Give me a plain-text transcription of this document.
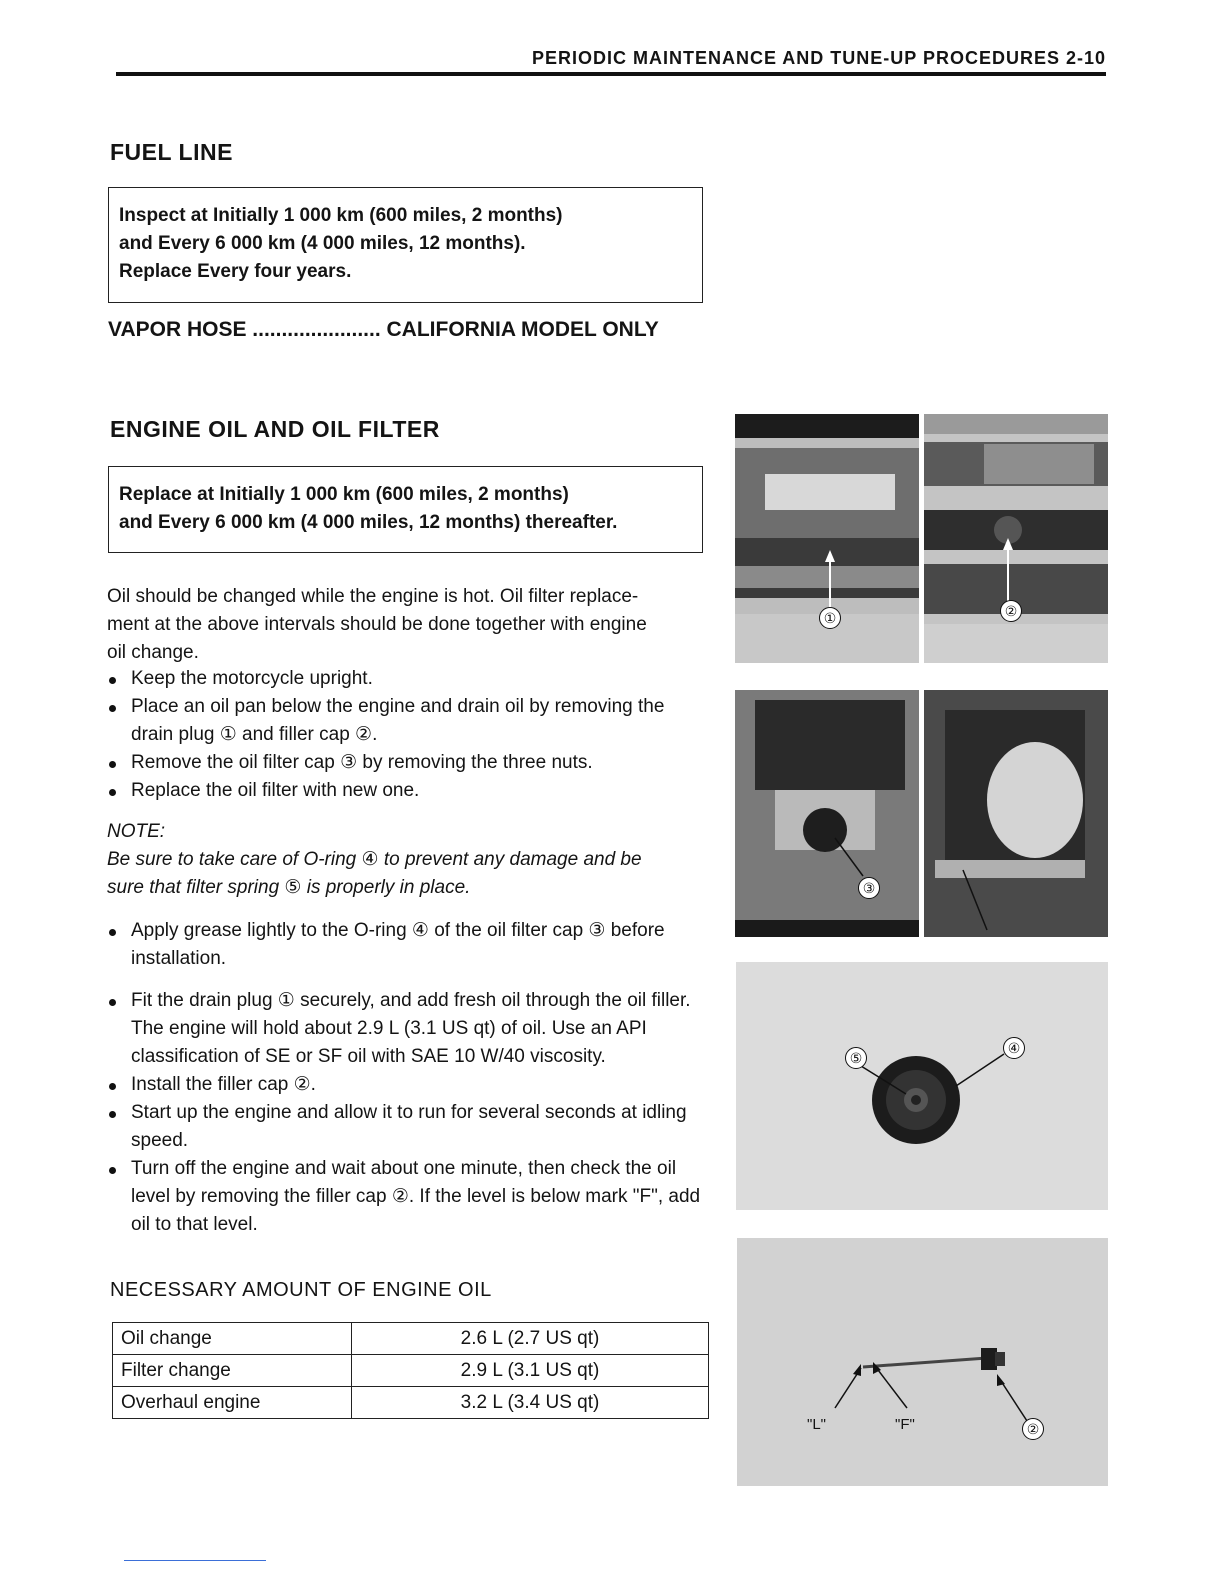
PERIODIC MAINTENANCE AND TUNE-UP PROCEDURES 2-10
FUEL LINE

Inspect at Initially 1 000 km (600 miles, 2 months)

and Every 6 000 km (4 000 miles, 12 months).

Replace Every four years.

VAPOR HOSE ...................... CALIFORNIA MODEL ONLY
ENGINE OIL AND OIL FILTER

Replace at Initially 1 000 km (600 miles, 2 months)

and Every 6 000 km (4 000 miles, 12 months) thereafter.

Oil should be changed while the engine is hot. Oil filter replace-

ment at the above intervals should be done together with engine

oil change.

Keep the motorcycle upright.
Place an oil pan below the engine and drain oil by removing the drain plug ① and filler cap ②.
Remove the oil filter cap ③ by removing the three nuts.
Replace the oil filter with new one.

NOTE:

Be sure to take care of O-ring ④ to prevent any damage and be

sure that filter spring ⑤ is properly in place.

Apply grease lightly to the O-ring ④ of the oil filter cap ③ before installation.
Fit the drain plug ① securely, and add fresh oil through the oil filler. The engine will hold about 2.9 L (3.1 US qt) of oil. Use an API classification of SE or SF oil with SAE 10 W/40 viscosity.
Install the filler cap ②.
Start up the engine and allow it to run for several seconds at idling speed.
Turn off the engine and wait about one minute, then check the oil level by removing the filler cap ②. If the level is below mark "F", add oil to that level.
NECESSARY AMOUNT OF ENGINE OIL
Oil change	2.6 L (2.7 US qt)
Filter change	2.9 L (3.1 US qt)
Overhaul engine	3.2 L (3.4 US qt)
①	②
③
⑤
④
"L"	"F"	②
